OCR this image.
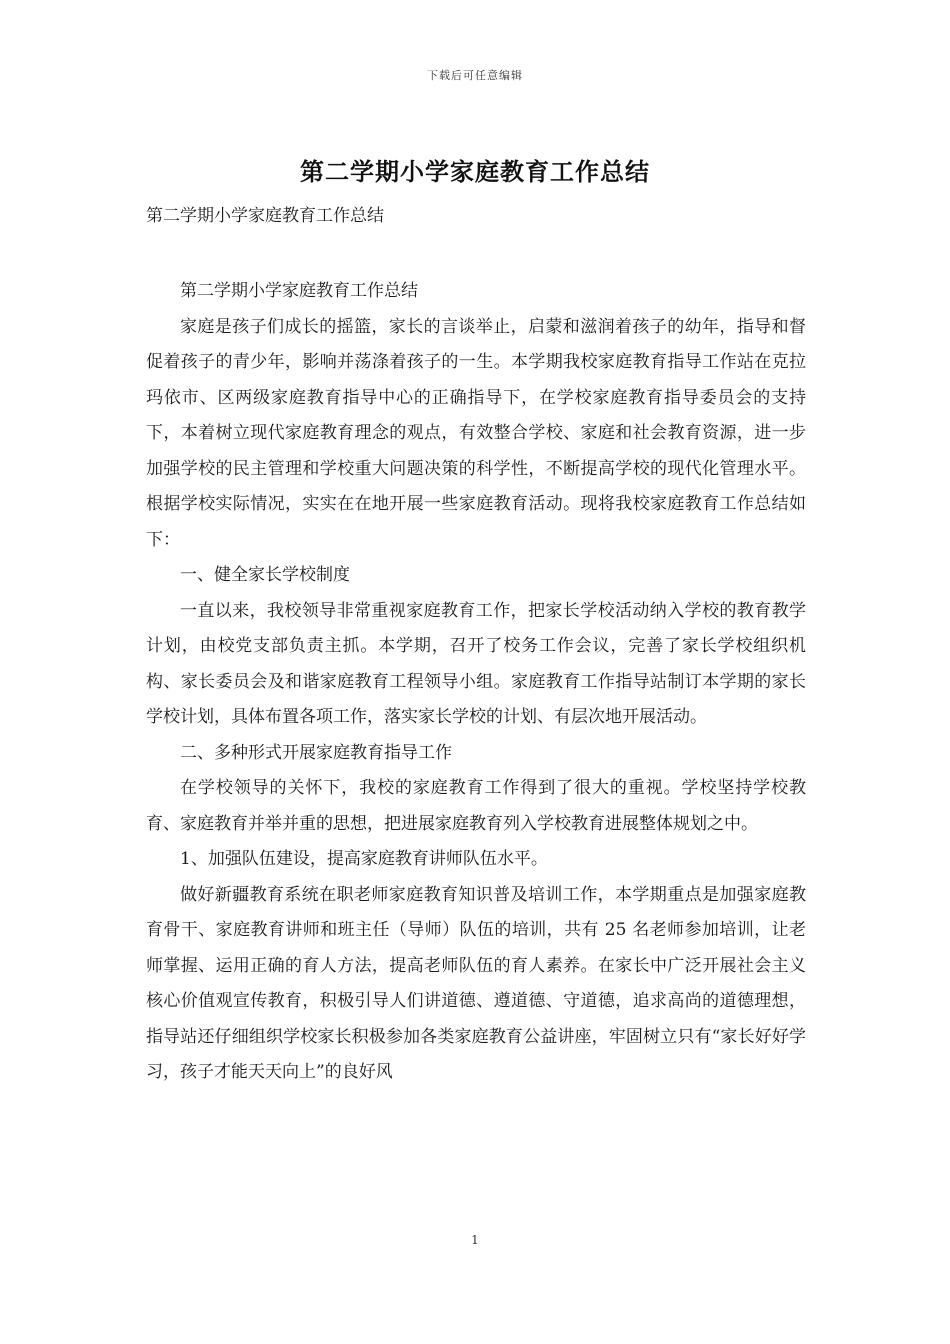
下载后可任意编辑
第二学期小学家庭教育工作总结
第二学期小学家庭教育工作总结

第二学期小学家庭教育工作总结

家庭是孩子们成长的摇篮，家长的言谈举止，启蒙和滋润着孩子的幼年，指导和督促着孩子的青少年，影响并荡涤着孩子的一生。本学期我校家庭教育指导工作站在克拉玛依市、区两级家庭教育指导中心的正确指导下，在学校家庭教育指导委员会的支持下，本着树立现代家庭教育理念的观点，有效整合学校、家庭和社会教育资源，进一步加强学校的民主管理和学校重大问题决策的科学性，不断提高学校的现代化管理水平。根据学校实际情况，实实在在地开展一些家庭教育活动。现将我校家庭教育工作总结如下：

一、健全家长学校制度

一直以来，我校领导非常重视家庭教育工作，把家长学校活动纳入学校的教育教学计划，由校党支部负责主抓。本学期，召开了校务工作会议，完善了家长学校组织机构、家长委员会及和谐家庭教育工程领导小组。家庭教育工作指导站制订本学期的家长学校计划，具体布置各项工作，落实家长学校的计划、有层次地开展活动。

二、多种形式开展家庭教育指导工作

在学校领导的关怀下，我校的家庭教育工作得到了很大的重视。学校坚持学校教育、家庭教育并举并重的思想，把进展家庭教育列入学校教育进展整体规划之中。

1、加强队伍建设，提高家庭教育讲师队伍水平。

做好新疆教育系统在职老师家庭教育知识普及培训工作，本学期重点是加强家庭教育骨干、家庭教育讲师和班主任（导师）队伍的培训，共有 25 名老师参加培训，让老师掌握、运用正确的育人方法，提高老师队伍的育人素养。在家长中广泛开展社会主义核心价值观宣传教育，积极引导人们讲道德、遵道德、守道德，追求高尚的道德理想，指导站还仔细组织学校家长积极参加各类家庭教育公益讲座，牢固树立只有“家长好好学习，孩子才能天天向上”的良好风

1
